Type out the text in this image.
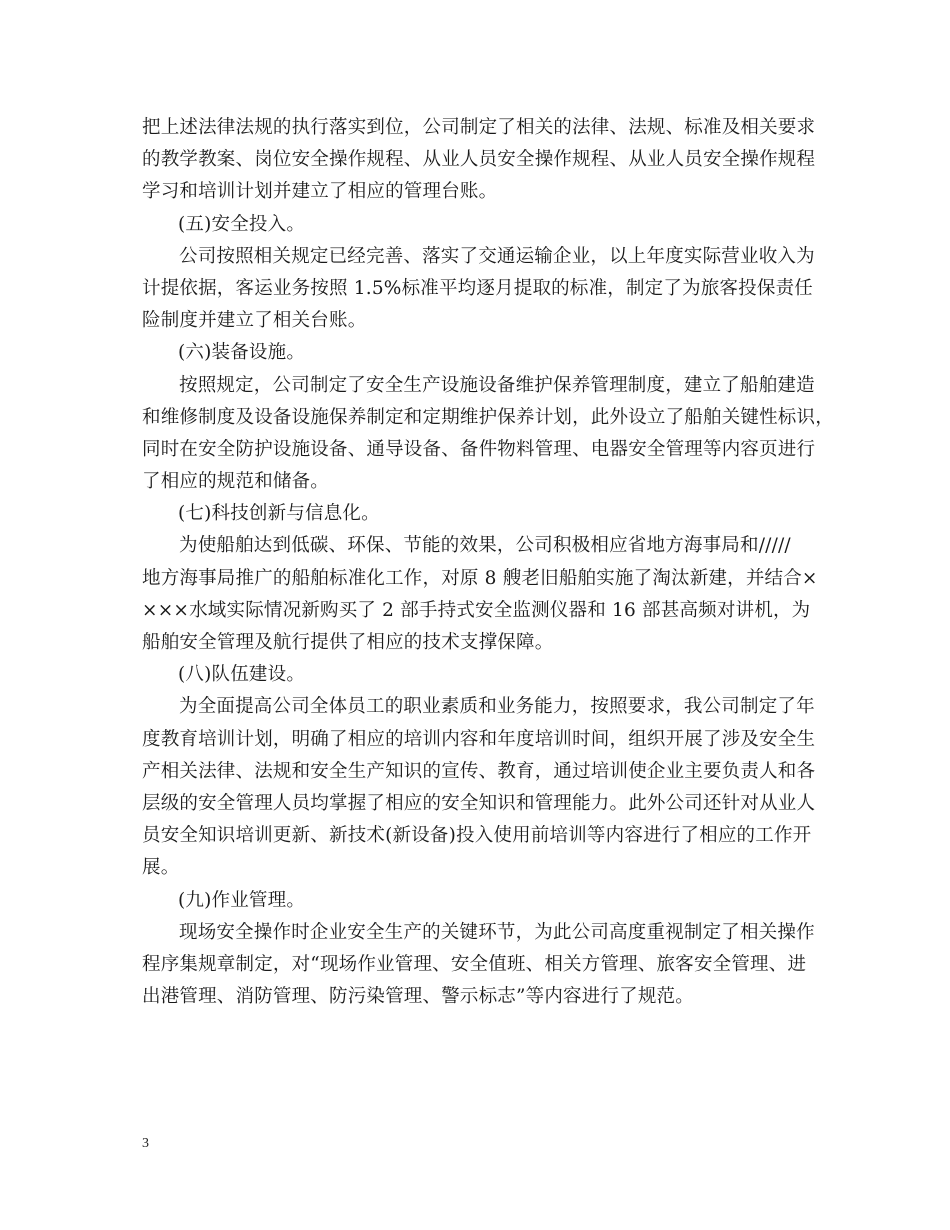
把上述法律法规的执行落实到位，公司制定了相关的法律、法规、标准及相关要求
的教学教案、岗位安全操作规程、从业人员安全操作规程、从业人员安全操作规程
学习和培训计划并建立了相应的管理台账。
(五)安全投入。
公司按照相关规定已经完善、落实了交通运输企业，以上年度实际营业收入为
计提依据，客运业务按照 1.5%标准平均逐月提取的标准，制定了为旅客投保责任
险制度并建立了相关台账。
(六)装备设施。
按照规定，公司制定了安全生产设施设备维护保养管理制度，建立了船舶建造
和维修制度及设备设施保养制定和定期维护保养计划，此外设立了船舶关键性标识，
同时在安全防护设施设备、通导设备、备件物料管理、电器安全管理等内容页进行
了相应的规范和储备。
(七)科技创新与信息化。
为使船舶达到低碳、环保、节能的效果，公司积极相应省地方海事局和/////
地方海事局推广的船舶标准化工作，对原 8 艘老旧船舶实施了淘汰新建，并结合×
×××水域实际情况新购买了 2 部手持式安全监测仪器和 16 部甚高频对讲机，为
船舶安全管理及航行提供了相应的技术支撑保障。
(八)队伍建设。
为全面提高公司全体员工的职业素质和业务能力，按照要求，我公司制定了年
度教育培训计划，明确了相应的培训内容和年度培训时间，组织开展了涉及安全生
产相关法律、法规和安全生产知识的宣传、教育，通过培训使企业主要负责人和各
层级的安全管理人员均掌握了相应的安全知识和管理能力。此外公司还针对从业人
员安全知识培训更新、新技术(新设备)投入使用前培训等内容进行了相应的工作开
展。
(九)作业管理。
现场安全操作时企业安全生产的关键环节，为此公司高度重视制定了相关操作
程序集规章制定，对“现场作业管理、安全值班、相关方管理、旅客安全管理、进
出港管理、消防管理、防污染管理、警示标志”等内容进行了规范。
3
